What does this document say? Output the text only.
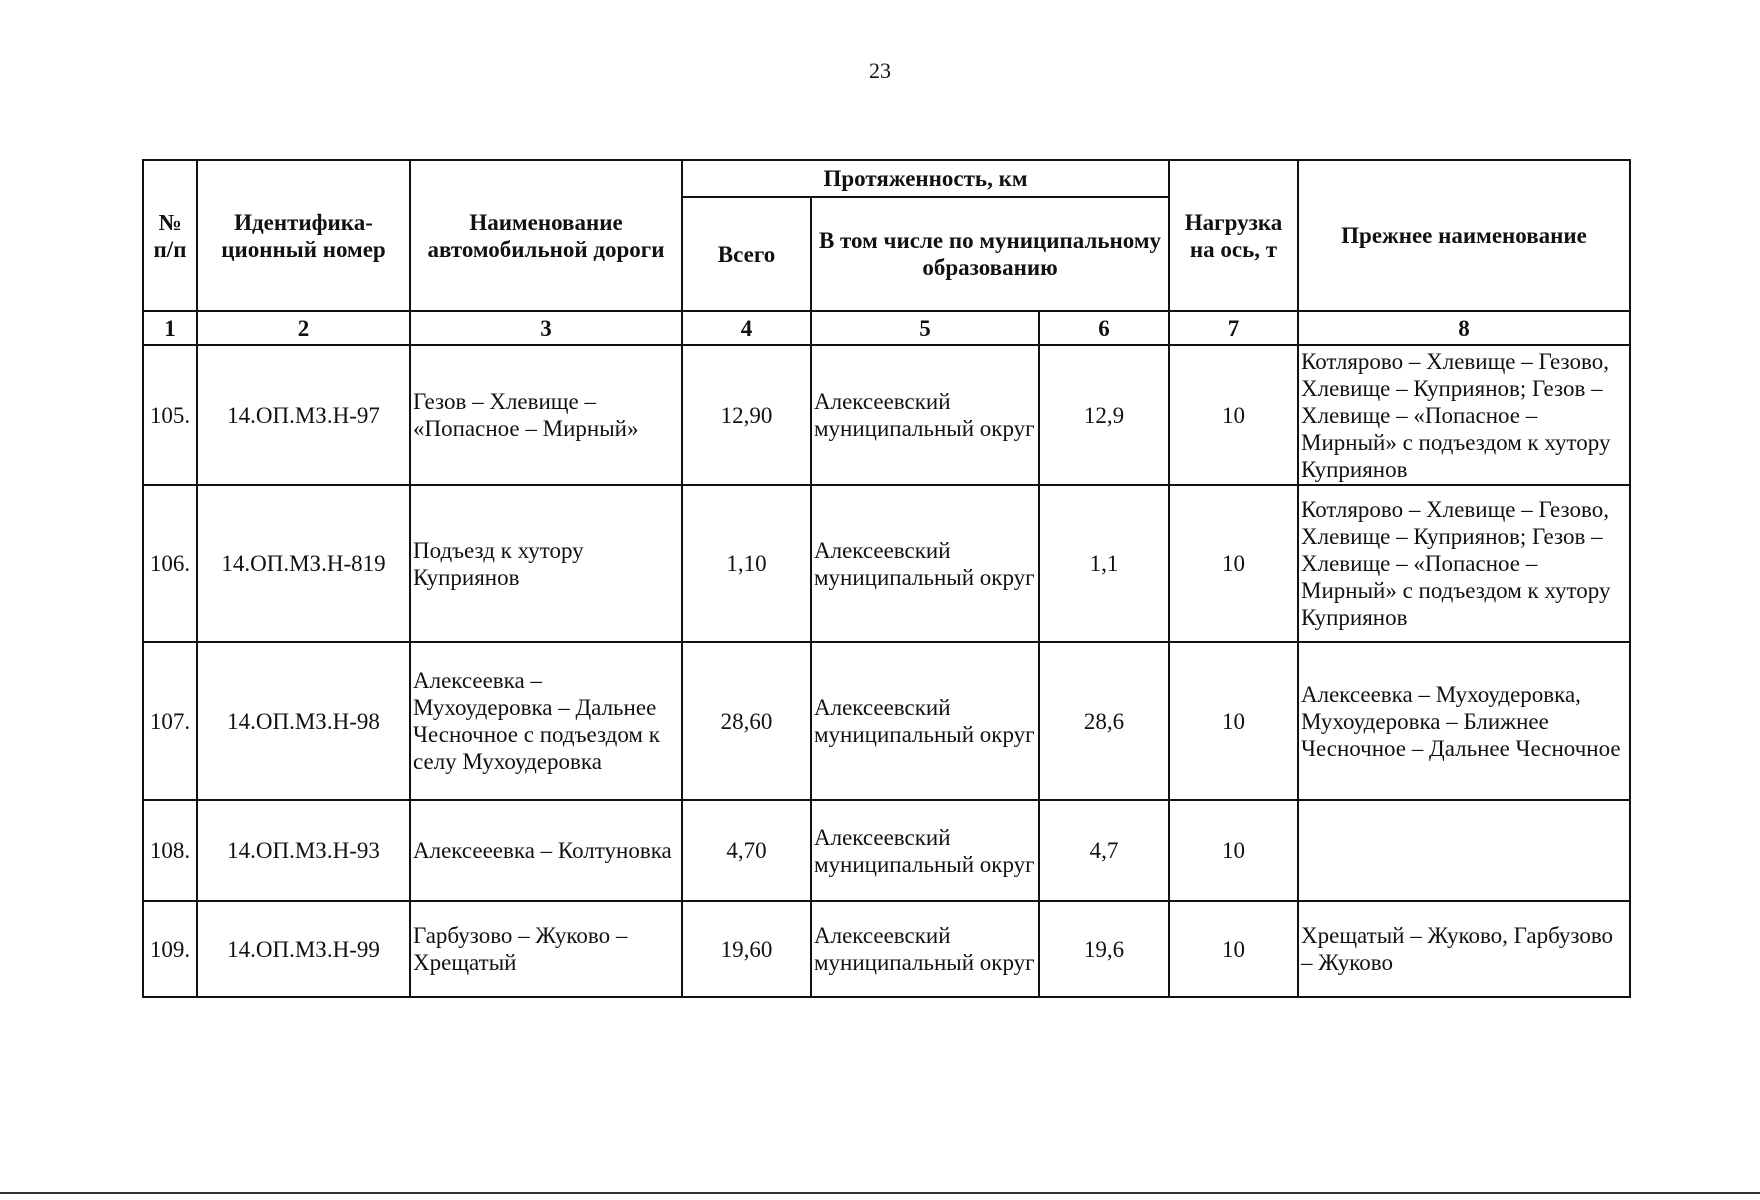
23
№ п/п	Идентифика-ционный номер	Наименование автомобильной дороги	Протяженность, км			Нагрузка на ось, т	Прежнее наименование
			Всего	В том числе по муниципальному образованию			
1	2	3	4	5	6	7	8
105.	14.ОП.МЗ.Н-97	Гезов – Хлевище – «Попасное – Мирный»	12,90	Алексеевский муниципальный округ	12,9	10	Котлярово – Хлевище – Гезово, Хлевище – Куприянов; Гезов – Хлевище – «Попасное – Мирный» с подъездом к хутору Куприянов
106.	14.ОП.МЗ.Н-819	Подъезд к хутору Куприянов	1,10	Алексеевский муниципальный округ	1,1	10	Котлярово – Хлевище – Гезово, Хлевище – Куприянов; Гезов – Хлевище – «Попасное – Мирный» с подъездом к хутору Куприянов
107.	14.ОП.МЗ.Н-98	Алексеевка – Мухоудеровка – Дальнее Чесночное с подъездом к селу Мухоудеровка	28,60	Алексеевский муниципальный округ	28,6	10	Алексеевка – Мухоудеровка, Мухоудеровка – Ближнее Чесночное – Дальнее Чесночное
108.	14.ОП.МЗ.Н-93	Алексееевка – Колтуновка	4,70	Алексеевский муниципальный округ	4,7	10	
109.	14.ОП.МЗ.Н-99	Гарбузово – Жуково – Хрещатый	19,60	Алексеевский муниципальный округ	19,6	10	Хрещатый – Жуково, Гарбузово – Жуково
